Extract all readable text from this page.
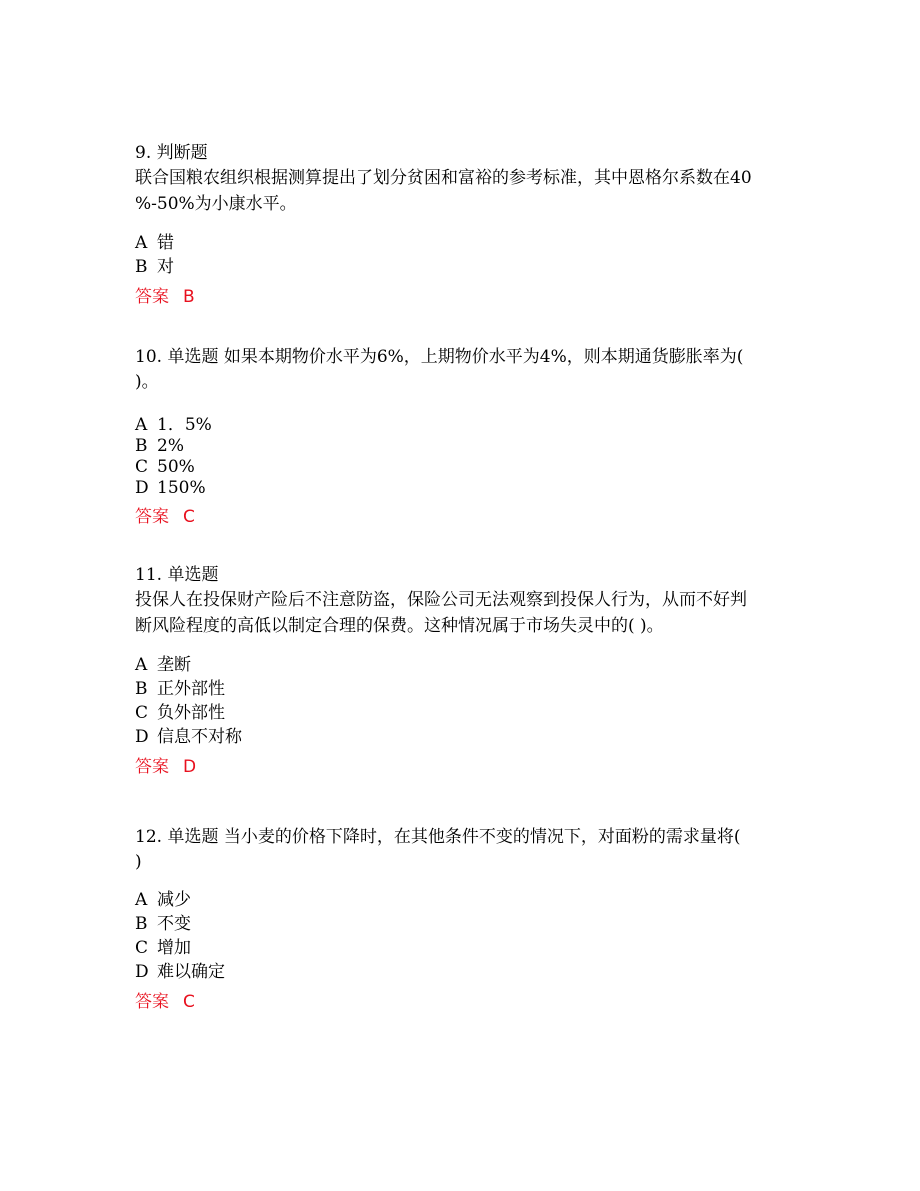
9. 判断题
联合国粮农组织根据测算提出了划分贫困和富裕的参考标准，其中恩格尔系数在40
%-50%为小康水平。
A 错
B 对
答案 B
10. 单选题 如果本期物价水平为6%，上期物价水平为4%，则本期通货膨胀率为(
)。
A 1．5%
B 2%
C 50%
D 150%
答案 C
11. 单选题
投保人在投保财产险后不注意防盗，保险公司无法观察到投保人行为，从而不好判
断风险程度的高低以制定合理的保费。这种情况属于市场失灵中的( )。
A 垄断
B 正外部性
C 负外部性
D 信息不对称
答案 D
12. 单选题 当小麦的价格下降时，在其他条件不变的情况下，对面粉的需求量将(
)
A 减少
B 不变
C 增加
D 难以确定
答案 C
